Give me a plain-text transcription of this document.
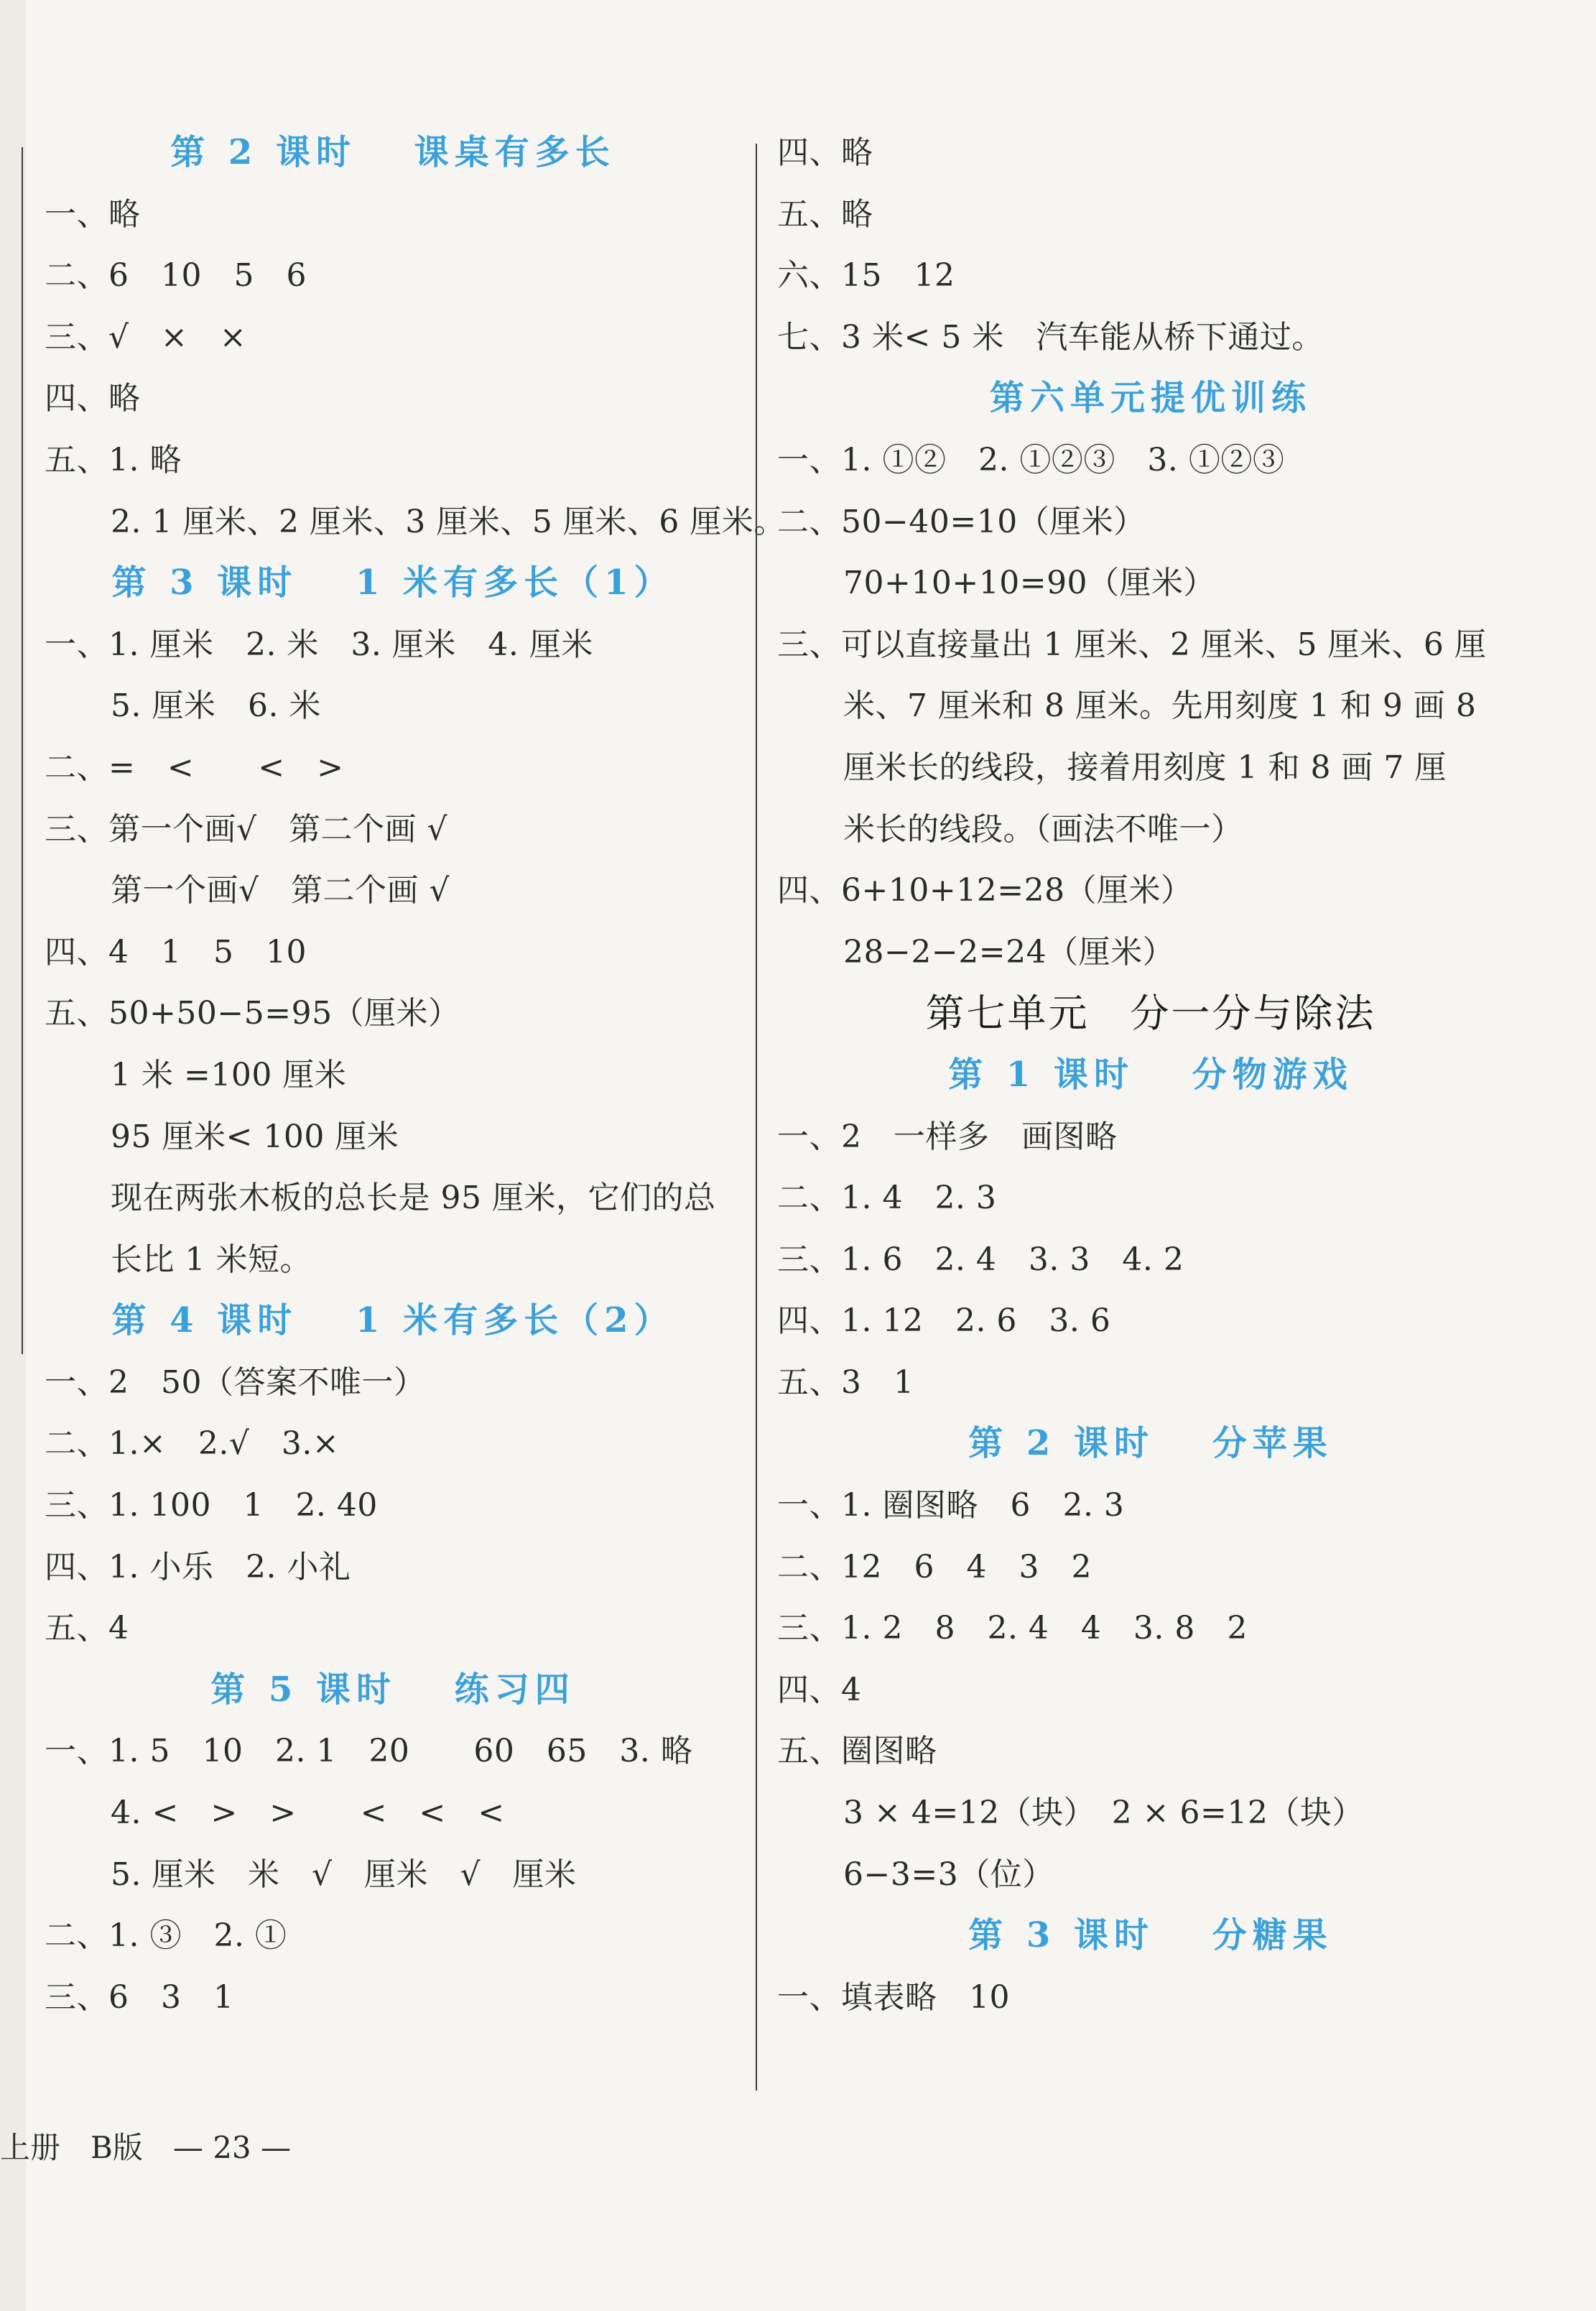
第 2 课时　 课桌有多长
一、略
二、6　10　5　6
三、√　×　×
四、略
五、1. 略
2. 1 厘米、2 厘米、3 厘米、5 厘米、6 厘米。
第 3 课时　 1 米有多长（1）
一、1. 厘米　2. 米　3. 厘米　4. 厘米
5. 厘米　6. 米
二、=　<　　<　>
三、第一个画√　第二个画 √
第一个画√　第二个画 √
四、4　1　5　10
五、50+50−5=95（厘米）
1 米 =100 厘米
95 厘米< 100 厘米
现在两张木板的总长是 95 厘米，它们的总
长比 1 米短。
第 4 课时　 1 米有多长（2）
一、2　50（答案不唯一）
二、1.×　2.√　3.×
三、1. 100　1　2. 40
四、1. 小乐　2. 小礼
五、4
第 5 课时　 练习四
一、1. 5　10　2. 1　20　　60　65　3. 略
4. <　>　>　　<　<　<
5. 厘米　米　√　厘米　√　厘米
二、1. ③　2. ①
三、6　3　1
四、略
五、略
六、15　12
七、3 米< 5 米　汽车能从桥下通过。
第六单元提优训练
一、1. ①②　2. ①②③　3. ①②③
二、50−40=10（厘米）
70+10+10=90（厘米）
三、可以直接量出 1 厘米、2 厘米、5 厘米、6 厘
米、7 厘米和 8 厘米。先用刻度 1 和 9 画 8
厘米长的线段，接着用刻度 1 和 8 画 7 厘
米长的线段。（画法不唯一）
四、6+10+12=28（厘米）
28−2−2=24（厘米）
第七单元　分一分与除法
第 1 课时　 分物游戏
一、2　一样多　画图略
二、1. 4　2. 3
三、1. 6　2. 4　3. 3　4. 2
四、1. 12　2. 6　3. 6
五、3　1
第 2 课时　 分苹果
一、1. 圈图略　6　2. 3
二、12　6　4　3　2
三、1. 2　8　2. 4　4　3. 8　2
四、4
五、圈图略
3 × 4=12（块）　2 × 6=12（块）
6−3=3（位）
第 3 课时　 分糖果
一、填表略　10
上册　B版　— 23 —
